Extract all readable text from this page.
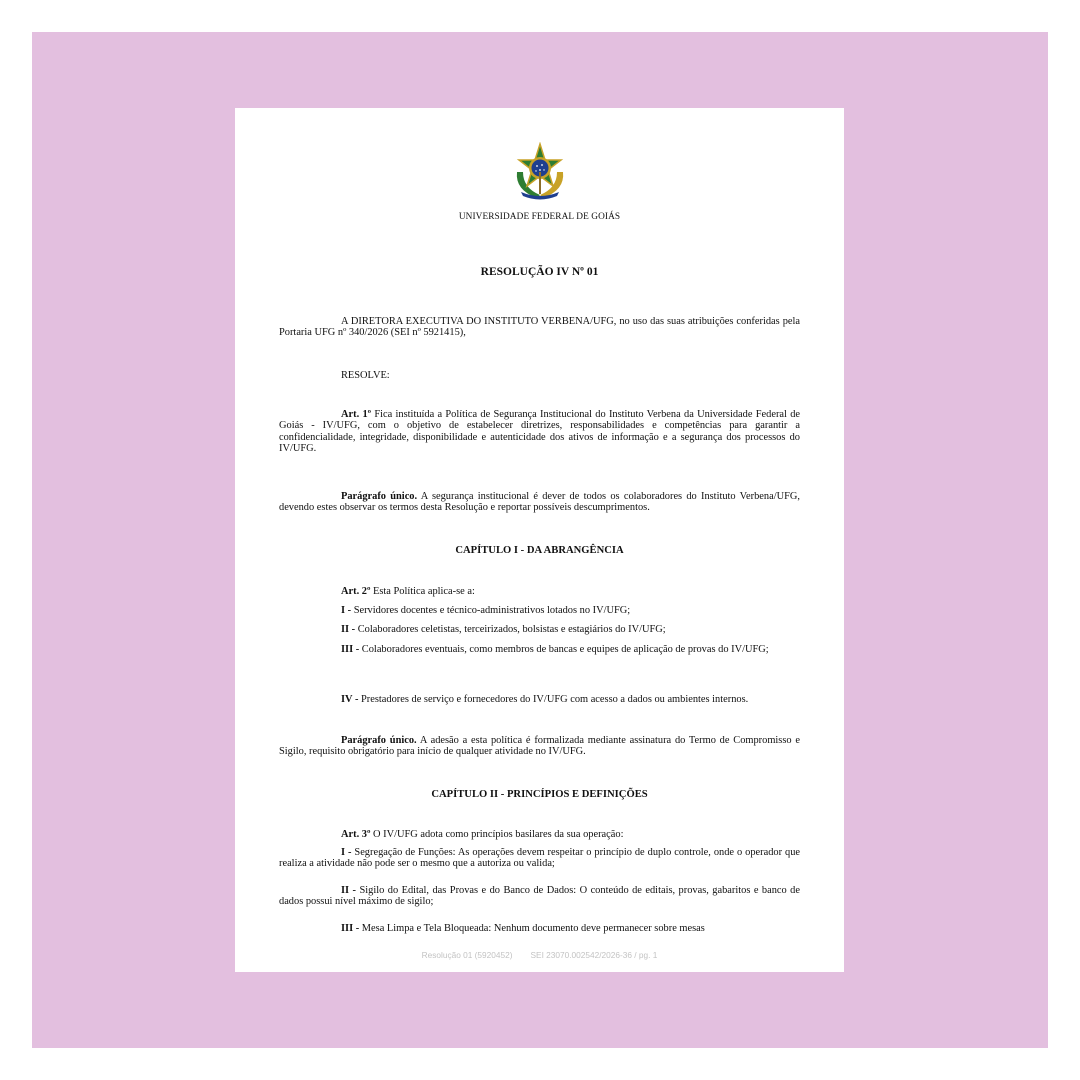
UNIVERSIDADE FEDERAL DE GOIÁS
RESOLUÇÃO IV Nº 01
A DIRETORA EXECUTIVA DO INSTITUTO VERBENA/UFG, no uso das suas atribuições conferidas pela Portaria UFG nº 340/2026 (SEI nº 5921415),
RESOLVE:
Art. 1º Fica instituída a Política de Segurança Institucional do Instituto Verbena da Universidade Federal de Goiás - IV/UFG, com o objetivo de estabelecer diretrizes, responsabilidades e competências para garantir a confidencialidade, integridade, disponibilidade e autenticidade dos ativos de informação e a segurança dos processos do IV/UFG.
Parágrafo único. A segurança institucional é dever de todos os colaboradores do Instituto Verbena/UFG, devendo estes observar os termos desta Resolução e reportar possíveis descumprimentos.
CAPÍTULO I - DA ABRANGÊNCIA
Art. 2º Esta Política aplica-se a:
I - Servidores docentes e técnico-administrativos lotados no IV/UFG;
II - Colaboradores celetistas, terceirizados, bolsistas e estagiários do IV/UFG;
III - Colaboradores eventuais, como membros de bancas e equipes de aplicação de provas do IV/UFG;
IV - Prestadores de serviço e fornecedores do IV/UFG com acesso a dados ou ambientes internos.
Parágrafo único. A adesão a esta política é formalizada mediante assinatura do Termo de Compromisso e Sigilo, requisito obrigatório para início de qualquer atividade no IV/UFG.
CAPÍTULO II - PRINCÍPIOS E DEFINIÇÕES
Art. 3º O IV/UFG adota como princípios basilares da sua operação:
I - Segregação de Funções: As operações devem respeitar o princípio de duplo controle, onde o operador que realiza a atividade não pode ser o mesmo que a autoriza ou valida;
II - Sigilo do Edital, das Provas e do Banco de Dados: O conteúdo de editais, provas, gabaritos e banco de dados possui nível máximo de sigilo;
III - Mesa Limpa e Tela Bloqueada: Nenhum documento deve permanecer sobre mesas
Resolução 01 (5920452) SEI 23070.002542/2026-36 / pg. 1
